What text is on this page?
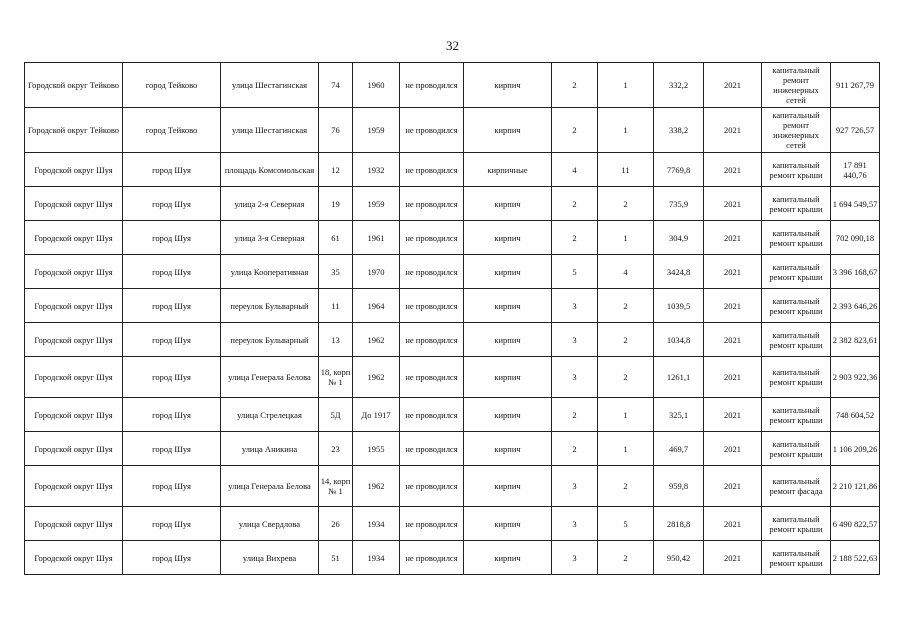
32
Городской округ Тейково	город Тейково	улица Шестагинская	74	1960	не проводился	кирпич	2	1	332,2	2021	капитальный ремонт инженерных сетей	911 267,79
Городской округ Тейково	город Тейково	улица Шестагинская	76	1959	не проводился	кирпич	2	1	338,2	2021	капитальный ремонт инженерных сетей	927 726,57
Городской округ Шуя	город Шуя	площадь Комсомольская	12	1932	не проводился	кирпичные	4	11	7769,8	2021	капитальный ремонт крыши	17 891 440,76
Городской округ Шуя	город Шуя	улица 2-я Северная	19	1959	не проводился	кирпич	2	2	735,9	2021	капитальный ремонт крыши	1 694 549,57
Городской округ Шуя	город Шуя	улица 3-я Северная	61	1961	не проводился	кирпич	2	1	304,9	2021	капитальный ремонт крыши	702 090,18
Городской округ Шуя	город Шуя	улица Кооперативная	35	1970	не проводился	кирпич	5	4	3424,8	2021	капитальный ремонт крыши	3 396 168,67
Городской округ Шуя	город Шуя	переулок Бульварный	11	1964	не проводился	кирпич	3	2	1039,5	2021	капитальный ремонт крыши	2 393 646,26
Городской округ Шуя	город Шуя	переулок Бульварный	13	1962	не проводился	кирпич	3	2	1034,8	2021	капитальный ремонт крыши	2 382 823,61
Городской округ Шуя	город Шуя	улица Генерала Белова	18, корп № 1	1962	не проводился	кирпич	3	2	1261,1	2021	капитальный ремонт крыши	2 903 922,36
Городской округ Шуя	город Шуя	улица Стрелецкая	5Д	До 1917	не проводился	кирпич	2	1	325,1	2021	капитальный ремонт крыши	748 604,52
Городской округ Шуя	город Шуя	улица Аникина	23	1955	не проводился	кирпич	2	1	469,7	2021	капитальный ремонт крыши	1 106 209,26
Городской округ Шуя	город Шуя	улица Генерала Белова	14, корп № 1	1962	не проводился	кирпич	3	2	959,8	2021	капитальный ремонт фасада	2 210 121,86
Городской округ Шуя	город Шуя	улица Свердлова	26	1934	не проводился	кирпич	3	5	2818,8	2021	капитальный ремонт крыши	6 490 822,57
Городской округ Шуя	город Шуя	улица Вихрева	51	1934	не проводился	кирпич	3	2	950,42	2021	капитальный ремонт крыши	2 188 522,63
